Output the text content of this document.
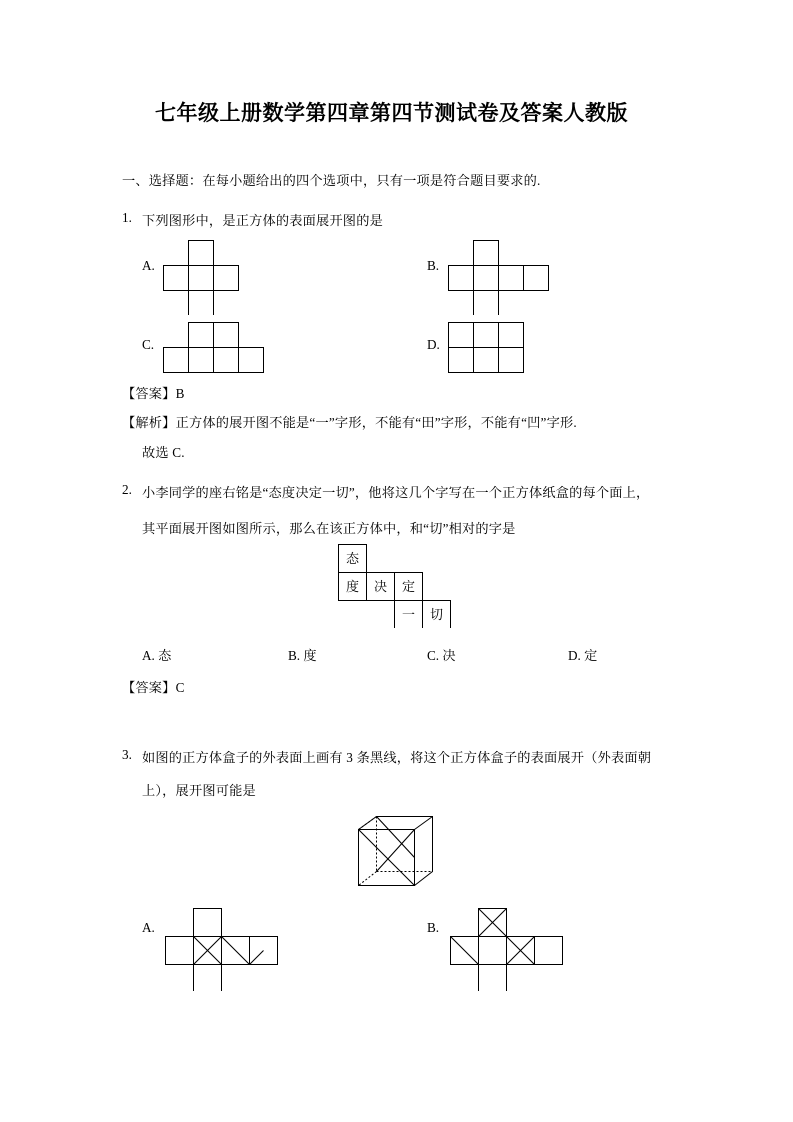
七年级上册数学第四章第四节测试卷及答案人教版
一、选择题：在每小题给出的四个选项中，只有一项是符合题目要求的.
1. 下列图形中，是正方体的表面展开图的是
A.	B.
C.	D.
【答案】B
【解析】正方体的展开图不能是“一”字形，不能有“田”字形，不能有“凹”字形.
故选 C.
2. 小李同学的座右铭是“态度决定一切”，他将这几个字写在一个正方体纸盒的每个面上，
其平面展开图如图所示，那么在该正方体中，和“切”相对的字是
态
度 决 定
一 切
A. 态	B. 度	C. 决	D. 定
【答案】C
3. 如图的正方体盒子的外表面上画有 3 条黑线，将这个正方体盒子的表面展开（外表面朝
上），展开图可能是
A.	B.
